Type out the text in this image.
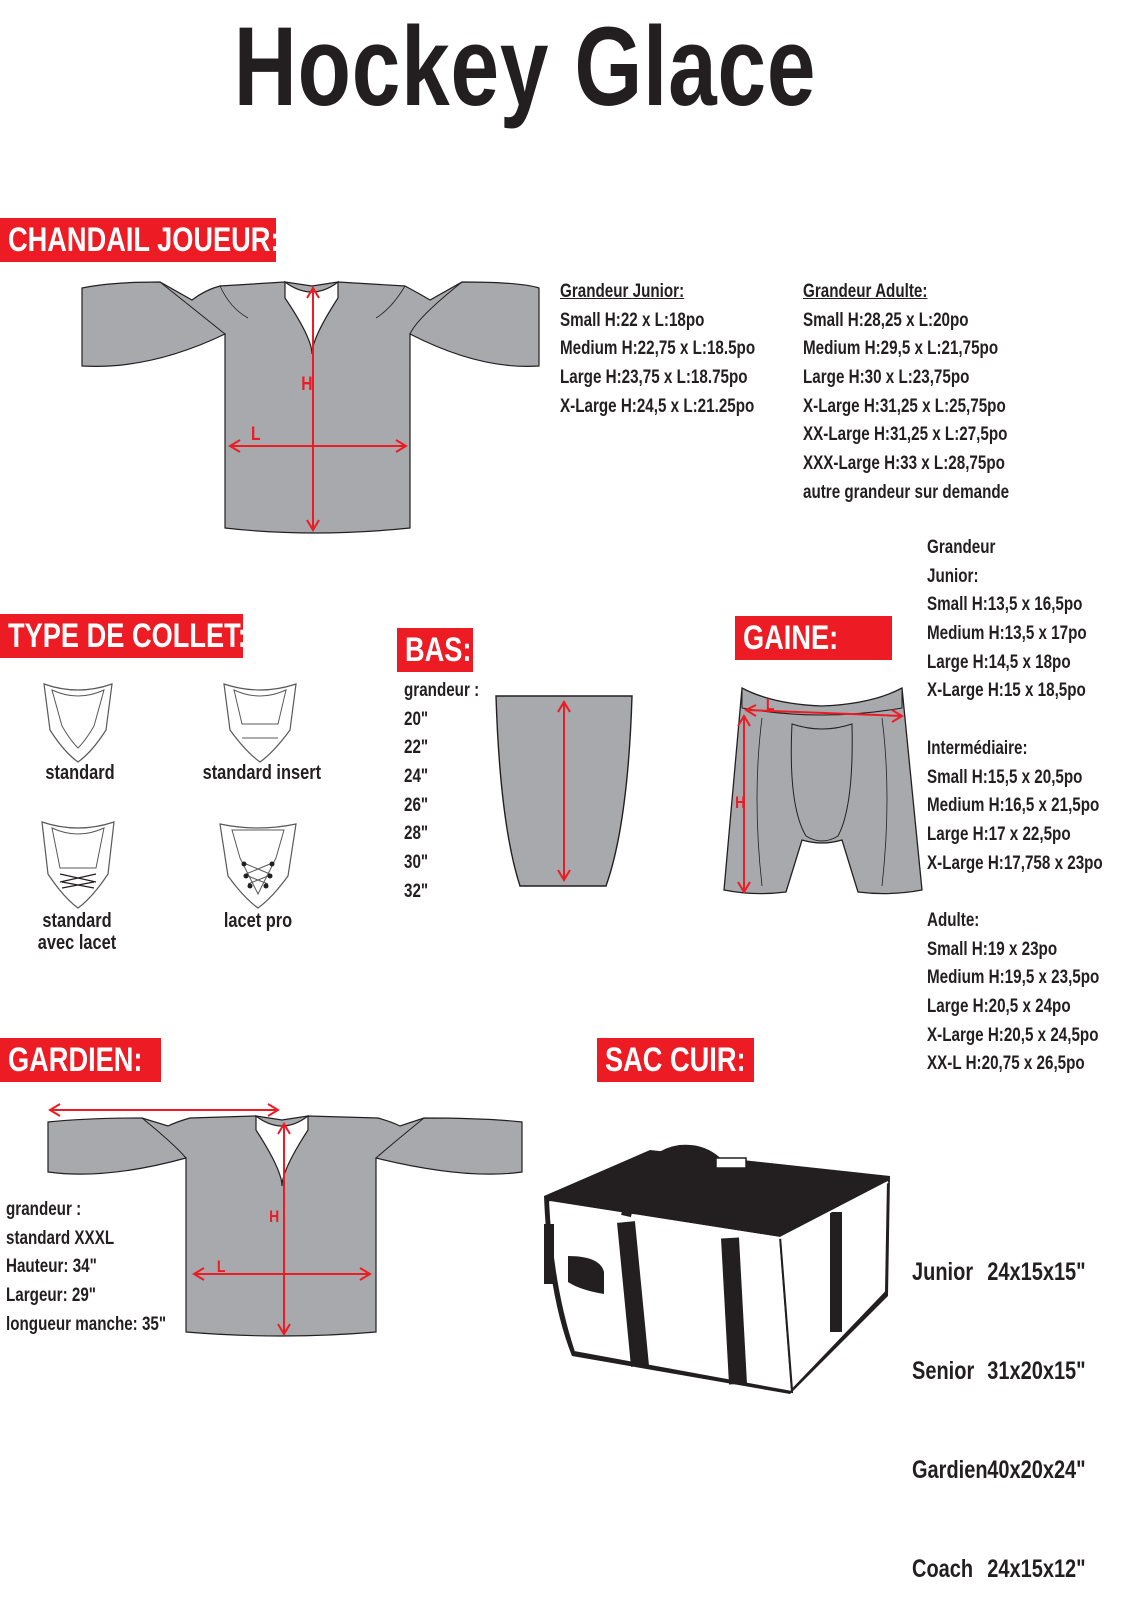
Hockey Glace
CHANDAIL JOUEUR:
H
L
Grandeur Junior:
Small H:22 x L:18po
Medium H:22,75 x L:18.5po
Large H:23,75 x L:18.75po
X-Large H:24,5 x L:21.25po
Grandeur Adulte:
Small H:28,25 x L:20po
Medium H:29,5 x L:21,75po
Large H:30 x L:23,75po
X-Large H:31,25 x L:25,75po
XX-Large H:31,25 x L:27,5po
XXX-Large H:33 x L:28,75po
autre grandeur sur demande
TYPE DE COLLET:
standard	standard insert
standard
avec lacet
lacet pro
BAS:
grandeur :
20"
22"
24"
26"
28"
30"
32"
GAINE:
L
H
Grandeur
Junior:
Small H:13,5 x 16,5po
Medium H:13,5 x 17po
Large H:14,5 x 18po
X-Large H:15 x 18,5po
Intermédiaire:
Small H:15,5 x 20,5po
Medium H:16,5 x 21,5po
Large H:17 x 22,5po
X-Large H:17,758 x 23po
Adulte:
Small H:19 x 23po
Medium H:19,5 x 23,5po
Large H:20,5 x 24po
X-Large H:20,5 x 24,5po
XX-L H:20,75 x 26,5po
GARDIEN:
H
L
grandeur :
standard XXXL
Hauteur: 34"
Largeur: 29"
longueur manche: 35"
SAC CUIR:

Junior 24x15x15"

Senior 31x20x15"

Gardien 40x20x24"

Coach 24x15x12"
